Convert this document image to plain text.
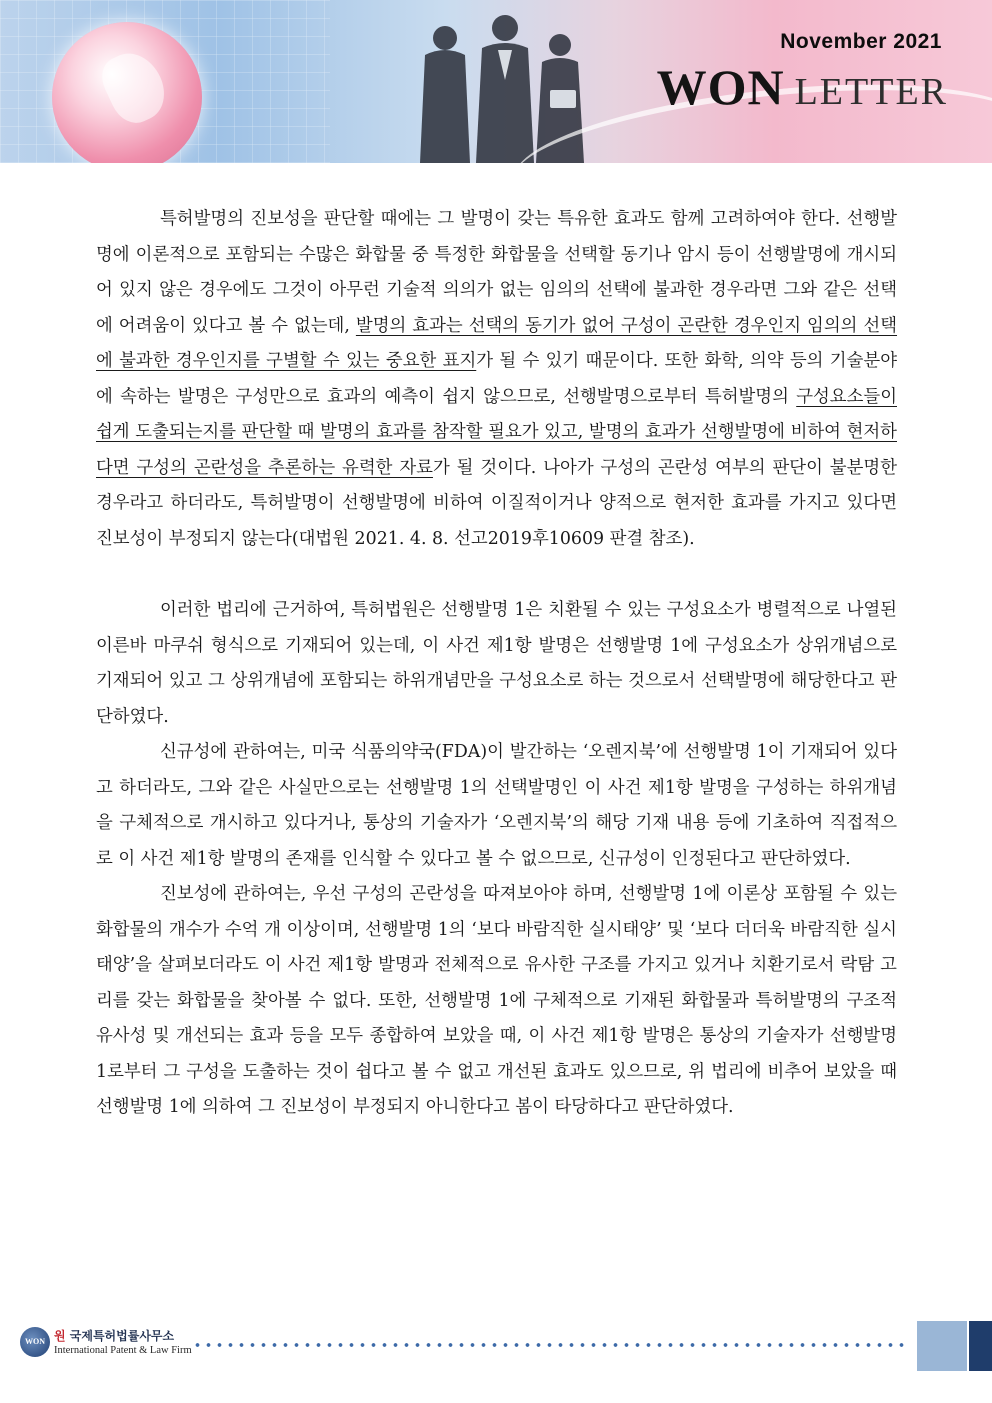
November 2021
WON LETTER

특허발명의 진보성을 판단할 때에는 그 발명이 갖는 특유한 효과도 함께 고려하여야 한다. 선행발명에 이론적으로 포함되는 수많은 화합물 중 특정한 화합물을 선택할 동기나 암시 등이 선행발명에 개시되어 있지 않은 경우에도 그것이 아무런 기술적 의의가 없는 임의의 선택에 불과한 경우라면 그와 같은 선택에 어려움이 있다고 볼 수 없는데, 발명의 효과는 선택의 동기가 없어 구성이 곤란한 경우인지 임의의 선택에 불과한 경우인지를 구별할 수 있는 중요한 표지가 될 수 있기 때문이다. 또한 화학, 의약 등의 기술분야에 속하는 발명은 구성만으로 효과의 예측이 쉽지 않으므로, 선행발명으로부터 특허발명의 구성요소들이 쉽게 도출되는지를 판단할 때 발명의 효과를 참작할 필요가 있고, 발명의 효과가 선행발명에 비하여 현저하다면 구성의 곤란성을 추론하는 유력한 자료가 될 것이다. 나아가 구성의 곤란성 여부의 판단이 불분명한 경우라고 하더라도, 특허발명이 선행발명에 비하여 이질적이거나 양적으로 현저한 효과를 가지고 있다면 진보성이 부정되지 않는다(대법원 2021. 4. 8. 선고2019후10609 판결 참조).

이러한 법리에 근거하여, 특허법원은 선행발명 1은 치환될 수 있는 구성요소가 병렬적으로 나열된 이른바 마쿠쉬 형식으로 기재되어 있는데, 이 사건 제1항 발명은 선행발명 1에 구성요소가 상위개념으로 기재되어 있고 그 상위개념에 포함되는 하위개념만을 구성요소로 하는 것으로서 선택발명에 해당한다고 판단하였다.

신규성에 관하여는, 미국 식품의약국(FDA)이 발간하는 ‘오렌지북’에 선행발명 1이 기재되어 있다고 하더라도, 그와 같은 사실만으로는 선행발명 1의 선택발명인 이 사건 제1항 발명을 구성하는 하위개념을 구체적으로 개시하고 있다거나, 통상의 기술자가 ‘오렌지북’의 해당 기재 내용 등에 기초하여 직접적으로 이 사건 제1항 발명의 존재를 인식할 수 있다고 볼 수 없으므로, 신규성이 인정된다고 판단하였다.

진보성에 관하여는, 우선 구성의 곤란성을 따져보아야 하며, 선행발명 1에 이론상 포함될 수 있는 화합물의 개수가 수억 개 이상이며, 선행발명 1의 ‘보다 바람직한 실시태양’ 및 ‘보다 더더욱 바람직한 실시태양’을 살펴보더라도 이 사건 제1항 발명과 전체적으로 유사한 구조를 가지고 있거나 치환기로서 락탐 고리를 갖는 화합물을 찾아볼 수 없다. 또한, 선행발명 1에 구체적으로 기재된 화합물과 특허발명의 구조적 유사성 및 개선되는 효과 등을 모두 종합하여 보았을 때, 이 사건 제1항 발명은 통상의 기술자가 선행발명 1로부터 그 구성을 도출하는 것이 쉽다고 볼 수 없고 개선된 효과도 있으므로, 위 법리에 비추어 보았을 때 선행발명 1에 의하여 그 진보성이 부정되지 아니한다고 봄이 타당하다고 판단하였다.

WON 원 국제특허법률사무소
International Patent & Law Firm
